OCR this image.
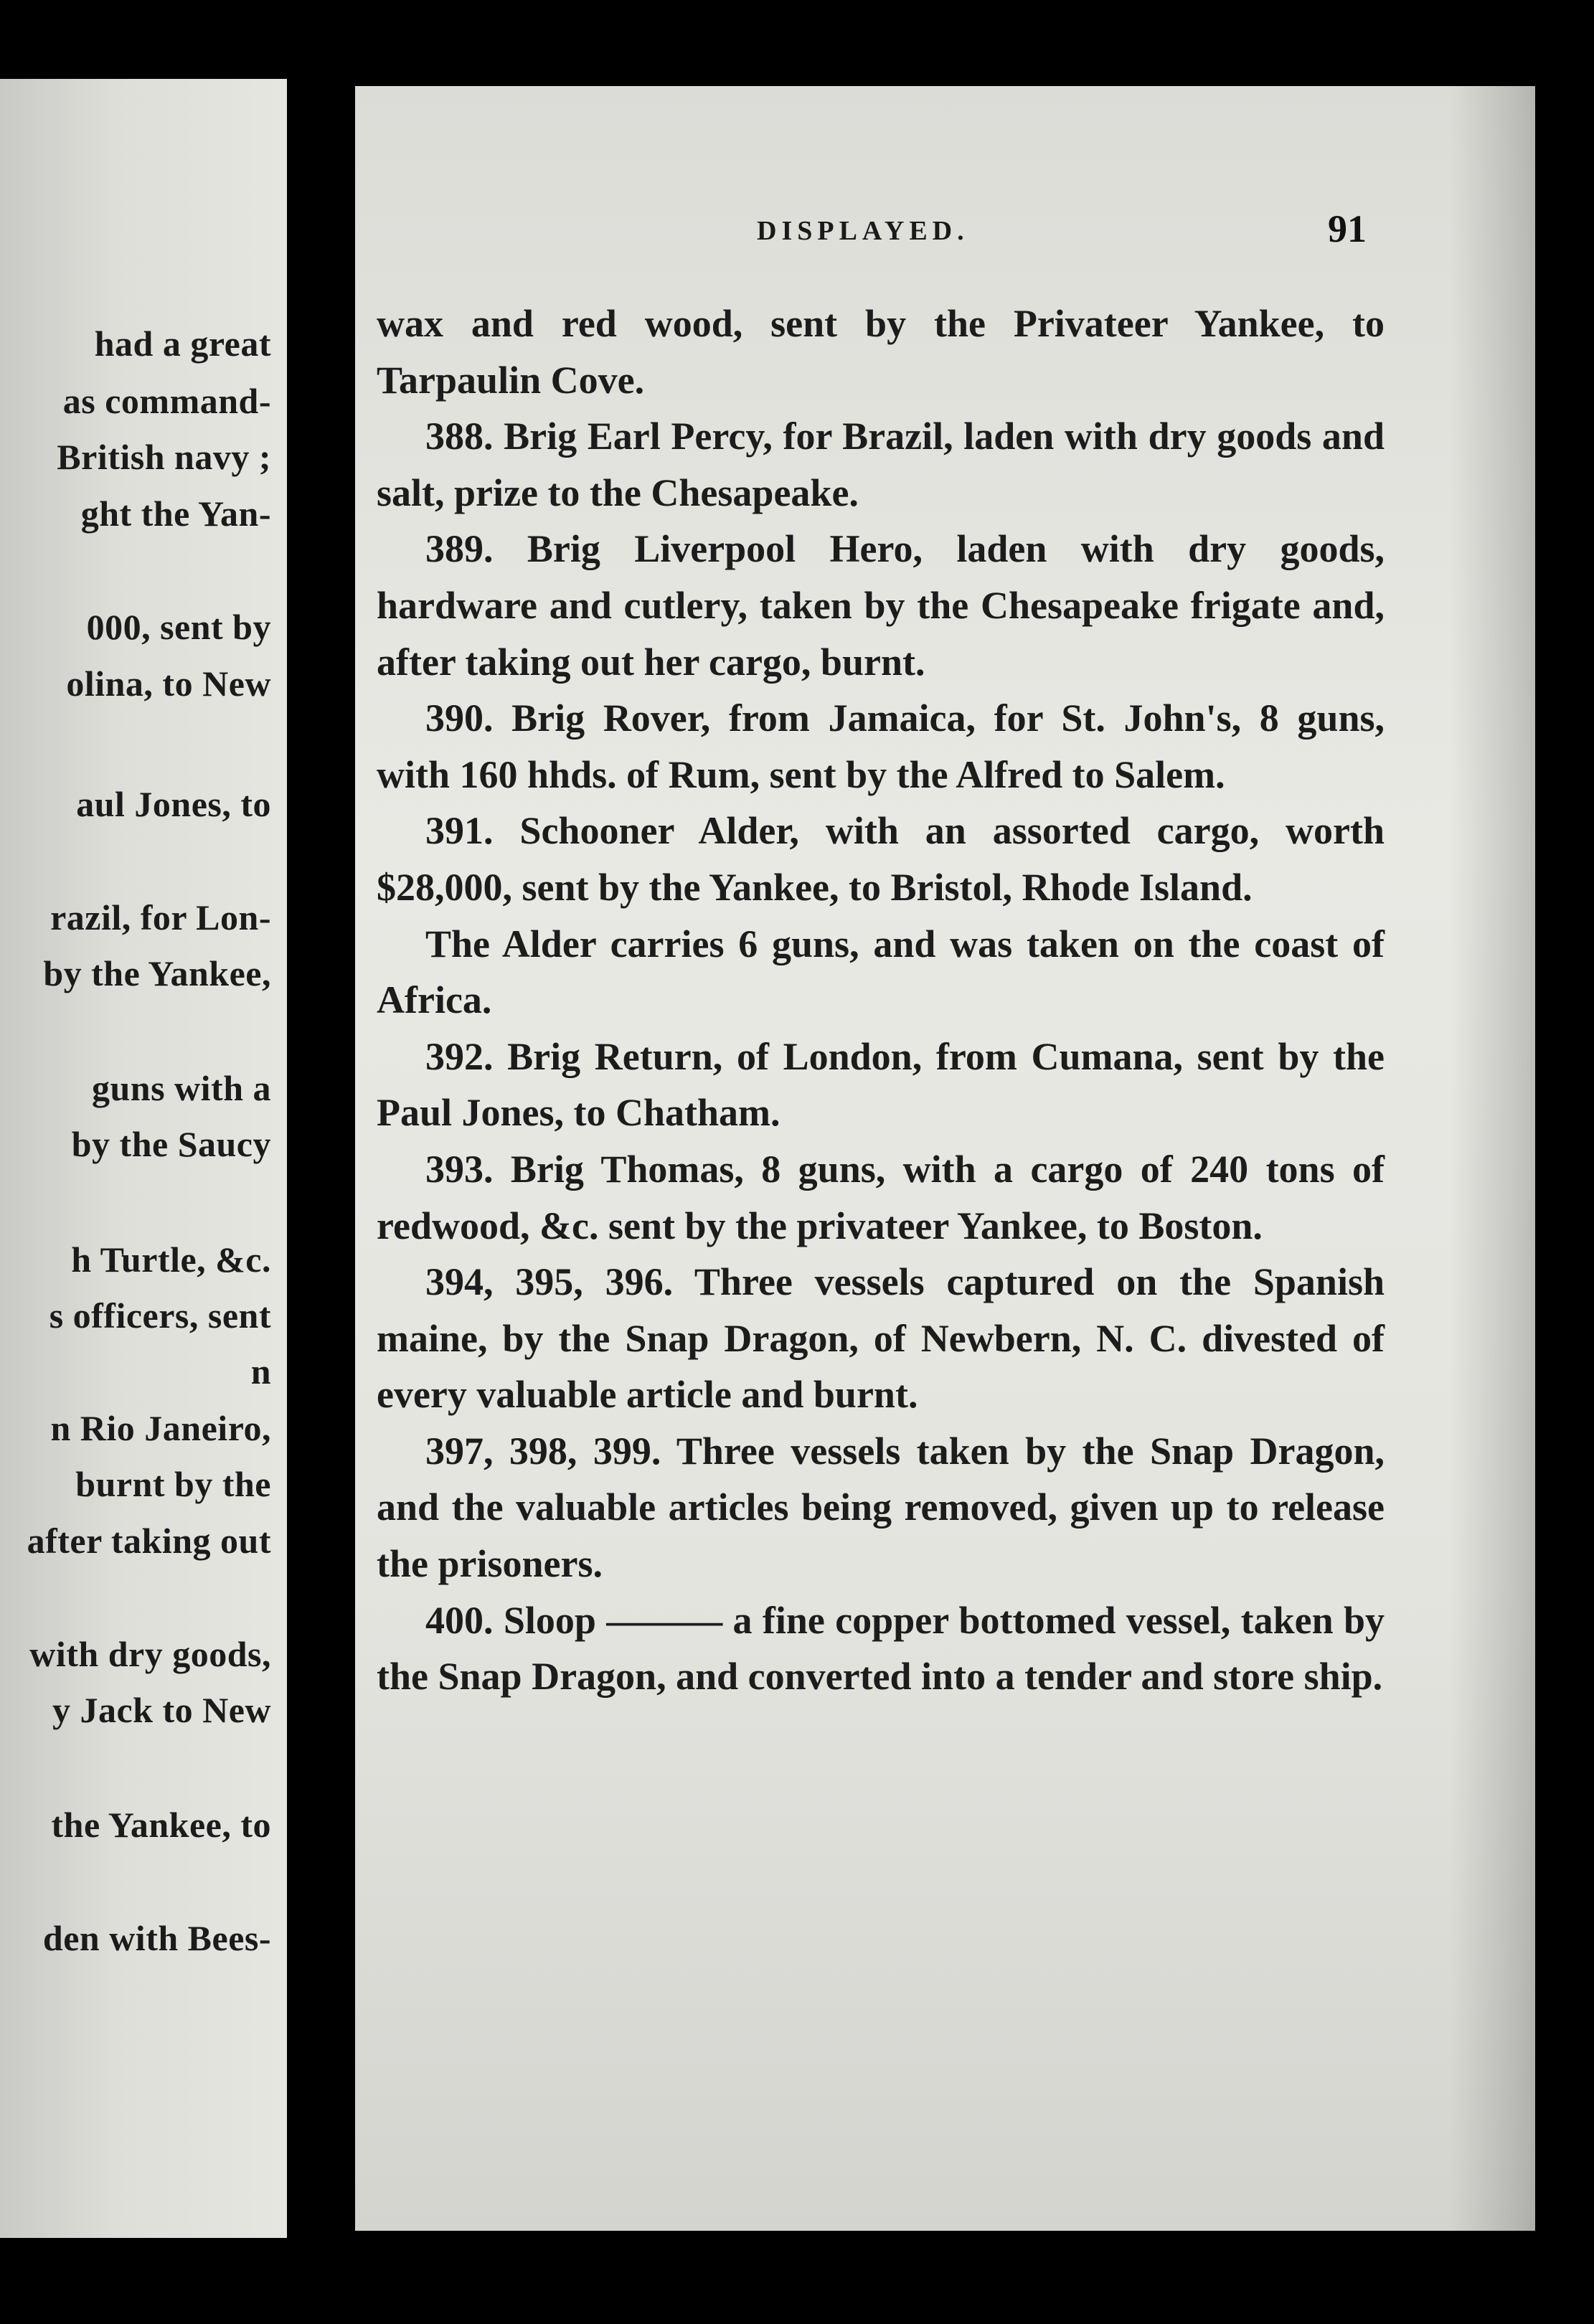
had a great
as command-
British navy ;
ght the Yan-
000, sent by
olina, to New
aul Jones, to
razil, for Lon-
by the Yankee,
guns with a
by the Saucy
h Turtle, &c.
s officers, sent
n
n Rio Janeiro,
burnt by the
after taking out
with dry goods,
y Jack to New
the Yankee, to
den with Bees-
DISPLAYED.	91

wax and red wood, sent by the Privateer Yankee, to Tarpaulin Cove.

388. Brig Earl Percy, for Brazil, laden with dry goods and salt, prize to the Chesapeake.

389. Brig Liverpool Hero, laden with dry goods, hardware and cutlery, taken by the Chesapeake frigate and, after taking out her cargo, burnt.

390. Brig Rover, from Jamaica, for St. John's, 8 guns, with 160 hhds. of Rum, sent by the Alfred to Salem.

391. Schooner Alder, with an assorted cargo, worth $28,000, sent by the Yankee, to Bristol, Rhode Island.

The Alder carries 6 guns, and was taken on the coast of Africa.

392. Brig Return, of London, from Cumana, sent by the Paul Jones, to Chatham.

393. Brig Thomas, 8 guns, with a cargo of 240 tons of redwood, &c. sent by the privateer Yankee, to Boston.

394, 395, 396. Three vessels captured on the Spanish maine, by the Snap Dragon, of Newbern, N. C. divested of every valuable article and burnt.

397, 398, 399. Three vessels taken by the Snap Dragon, and the valuable articles being removed, given up to release the prisoners.

400. Sloop ——— a fine copper bottomed vessel, taken by the Snap Dragon, and converted into a tender and store ship.
